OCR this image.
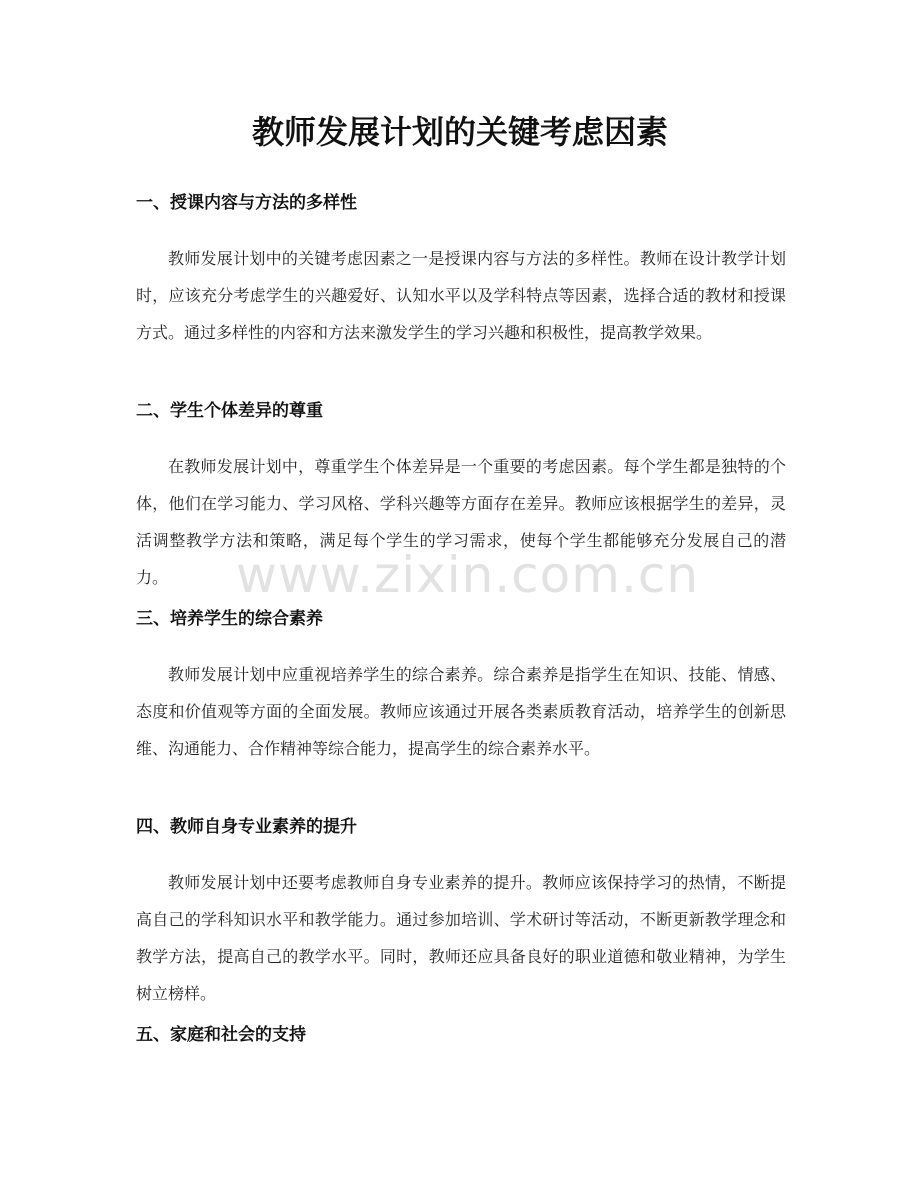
教师发展计划的关键考虑因素
一、授课内容与方法的多样性

教师发展计划中的关键考虑因素之一是授课内容与方法的多样性。教师在设计教学计划时，应该充分考虑学生的兴趣爱好、认知水平以及学科特点等因素，选择合适的教材和授课方式。通过多样性的内容和方法来激发学生的学习兴趣和积极性，提高教学效果。

二、学生个体差异的尊重

在教师发展计划中，尊重学生个体差异是一个重要的考虑因素。每个学生都是独特的个体，他们在学习能力、学习风格、学科兴趣等方面存在差异。教师应该根据学生的差异，灵活调整教学方法和策略，满足每个学生的学习需求，使每个学生都能够充分发展自己的潜力。

三、培养学生的综合素养

教师发展计划中应重视培养学生的综合素养。综合素养是指学生在知识、技能、情感、态度和价值观等方面的全面发展。教师应该通过开展各类素质教育活动，培养学生的创新思维、沟通能力、合作精神等综合能力，提高学生的综合素养水平。

四、教师自身专业素养的提升

教师发展计划中还要考虑教师自身专业素养的提升。教师应该保持学习的热情，不断提高自己的学科知识水平和教学能力。通过参加培训、学术研讨等活动，不断更新教学理念和教学方法，提高自己的教学水平。同时，教师还应具备良好的职业道德和敬业精神，为学生树立榜样。

五、家庭和社会的支持
www.zixin.com.cn
